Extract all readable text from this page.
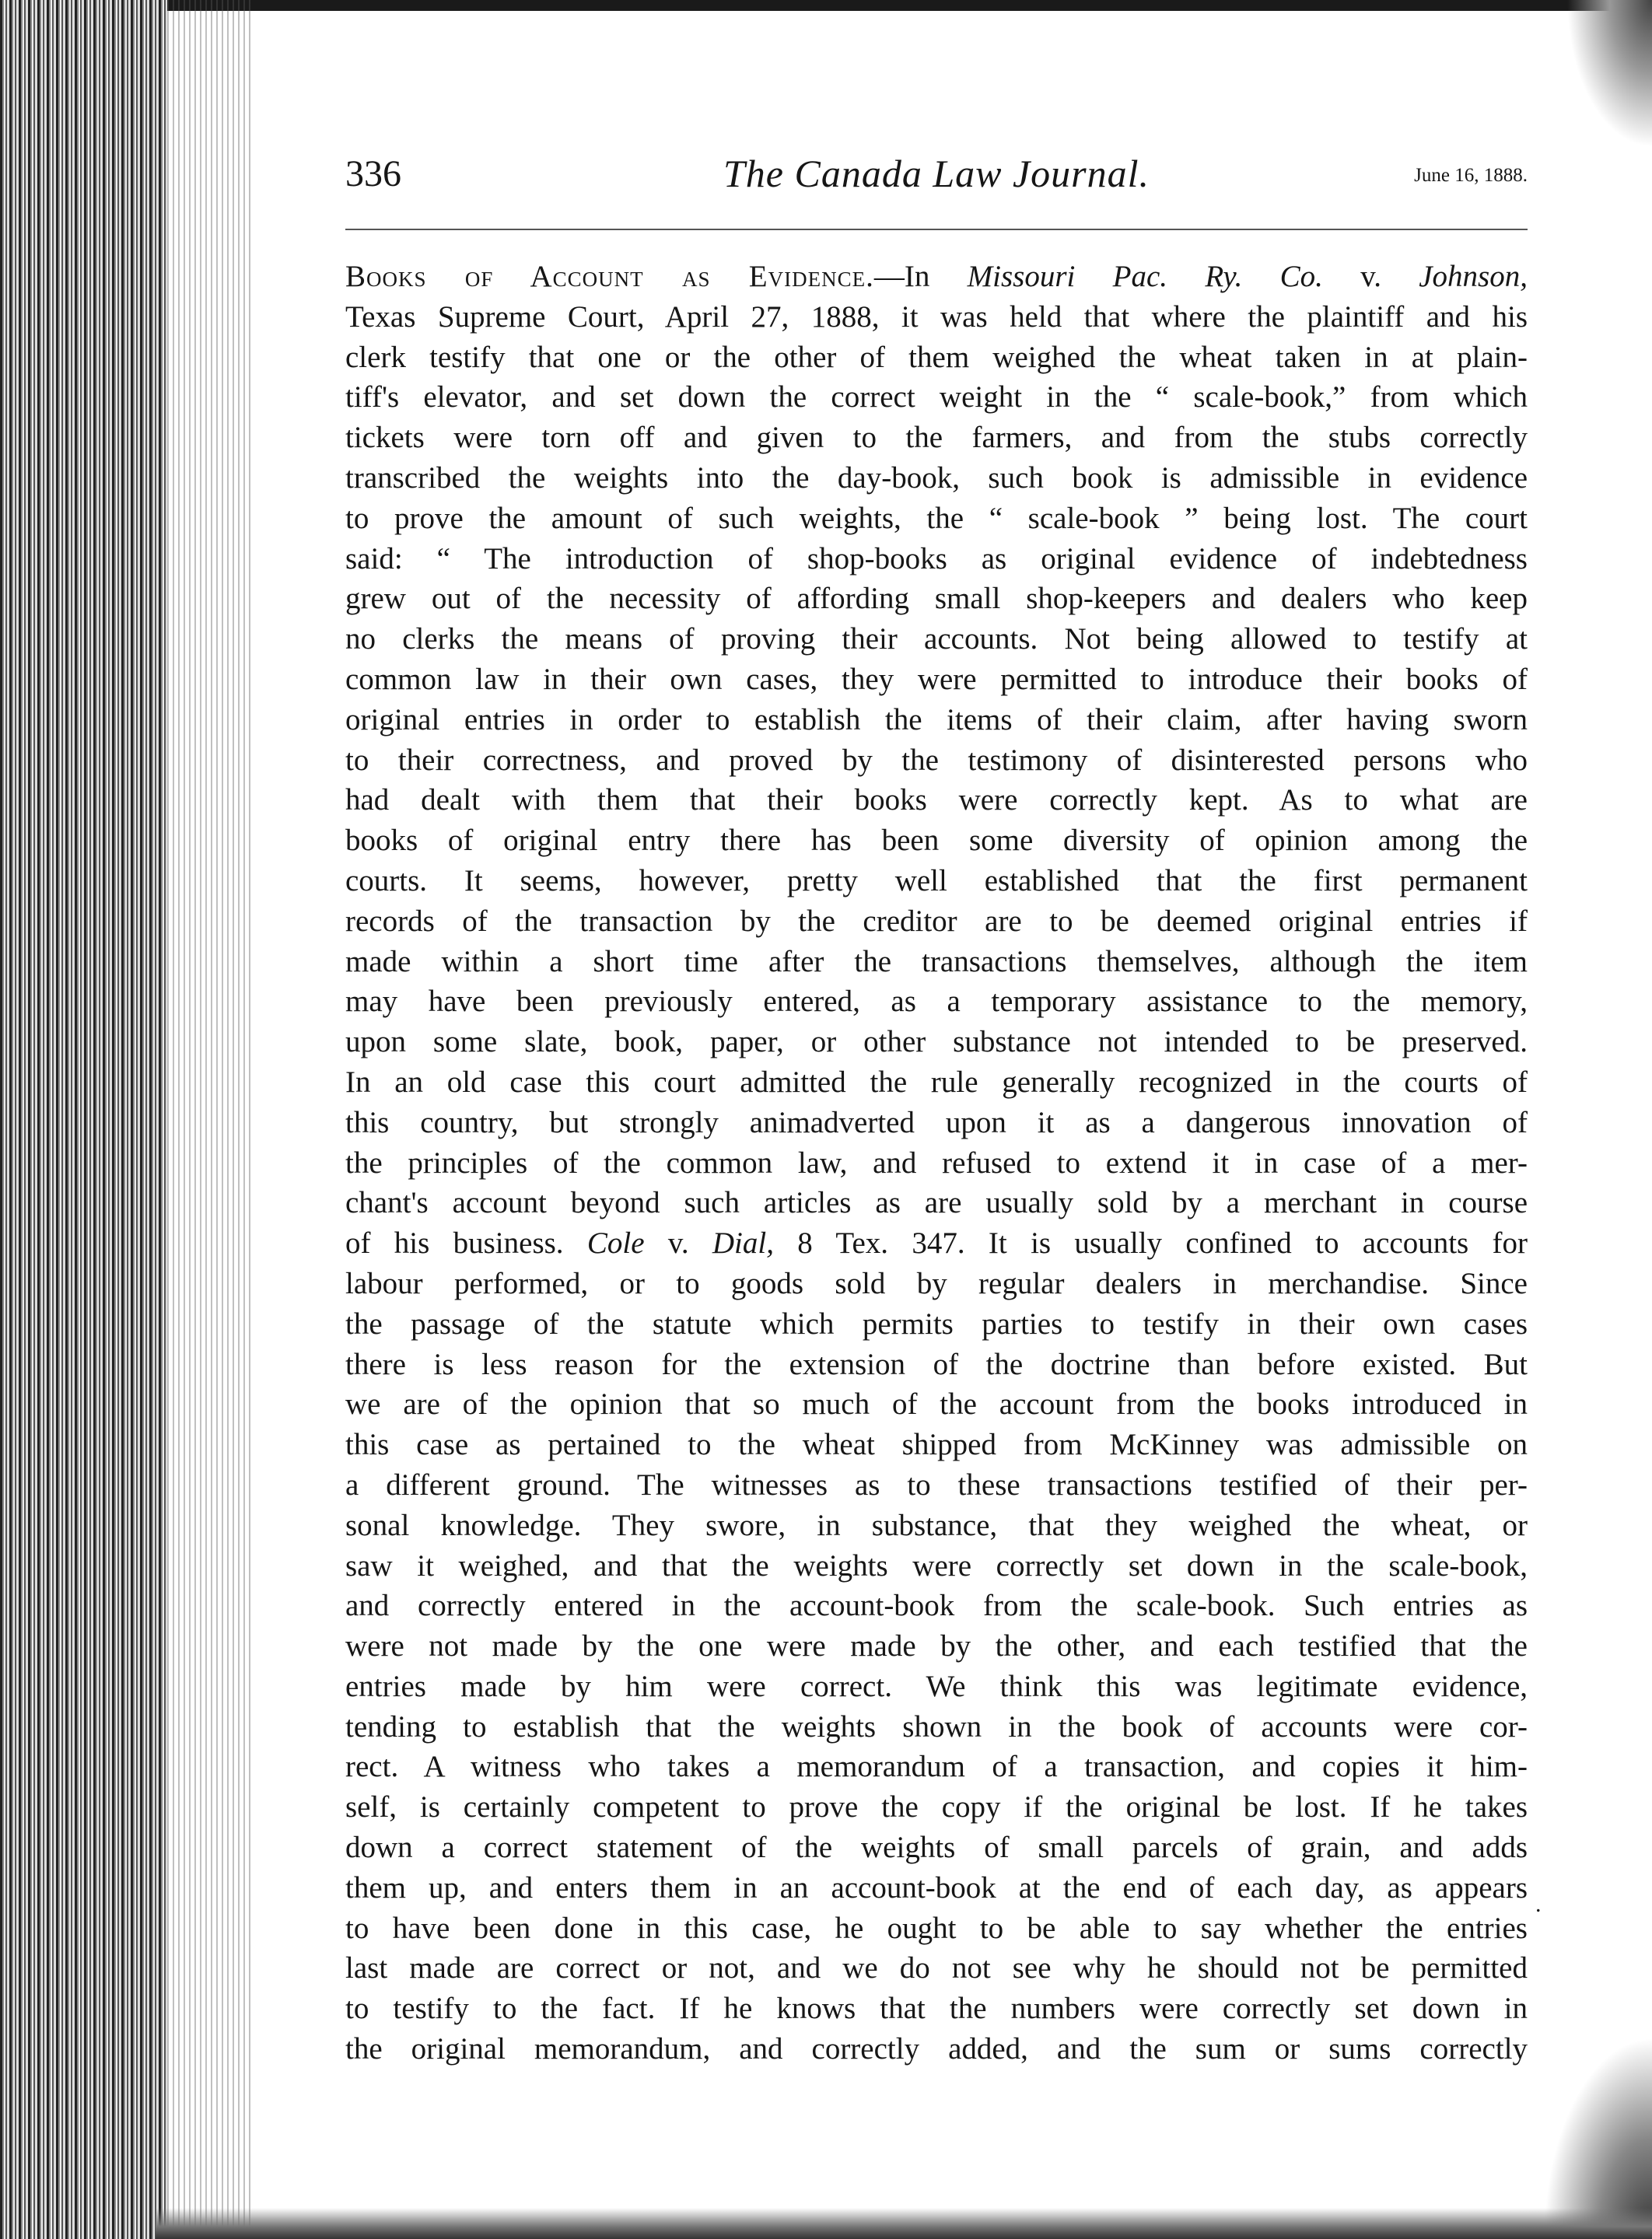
336	The Canada Law Journal.	June 16, 1888.
Books of Account as Evidence.—In Missouri Pac. Ry. Co. v. Johnson,
Texas Supreme Court, April 27, 1888, it was held that where the plaintiff and his
clerk testify that one or the other of them weighed the wheat taken in at plain-
tiff's elevator, and set down the correct weight in the “ scale-book,” from which
tickets were torn off and given to the farmers, and from the stubs correctly
transcribed the weights into the day-book, such book is admissible in evidence
to prove the amount of such weights, the “ scale-book ” being lost. The court
said: “ The introduction of shop-books as original evidence of indebtedness
grew out of the necessity of affording small shop-keepers and dealers who keep
no clerks the means of proving their accounts. Not being allowed to testify at
common law in their own cases, they were permitted to introduce their books of
original entries in order to establish the items of their claim, after having sworn
to their correctness, and proved by the testimony of disinterested persons who
had dealt with them that their books were correctly kept. As to what are
books of original entry there has been some diversity of opinion among the
courts. It seems, however, pretty well established that the first permanent
records of the transaction by the creditor are to be deemed original entries if
made within a short time after the transactions themselves, although the item
may have been previously entered, as a temporary assistance to the memory,
upon some slate, book, paper, or other substance not intended to be preserved.
In an old case this court admitted the rule generally recognized in the courts of
this country, but strongly animadverted upon it as a dangerous innovation of
the principles of the common law, and refused to extend it in case of a mer-
chant's account beyond such articles as are usually sold by a merchant in course
of his business. Cole v. Dial, 8 Tex. 347. It is usually confined to accounts for
labour performed, or to goods sold by regular dealers in merchandise. Since
the passage of the statute which permits parties to testify in their own cases
there is less reason for the extension of the doctrine than before existed. But
we are of the opinion that so much of the account from the books introduced in
this case as pertained to the wheat shipped from McKinney was admissible on
a different ground. The witnesses as to these transactions testified of their per-
sonal knowledge. They swore, in substance, that they weighed the wheat, or
saw it weighed, and that the weights were correctly set down in the scale-book,
and correctly entered in the account-book from the scale-book. Such entries as
were not made by the one were made by the other, and each testified that the
entries made by him were correct. We think this was legitimate evidence,
tending to establish that the weights shown in the book of accounts were cor-
rect. A witness who takes a memorandum of a transaction, and copies it him-
self, is certainly competent to prove the copy if the original be lost. If he takes
down a correct statement of the weights of small parcels of grain, and adds
them up, and enters them in an account-book at the end of each day, as appears
to have been done in this case, he ought to be able to say whether the entries
last made are correct or not, and we do not see why he should not be permitted
to testify to the fact. If he knows that the numbers were correctly set down in
the original memorandum, and correctly added, and the sum or sums correctly
.
